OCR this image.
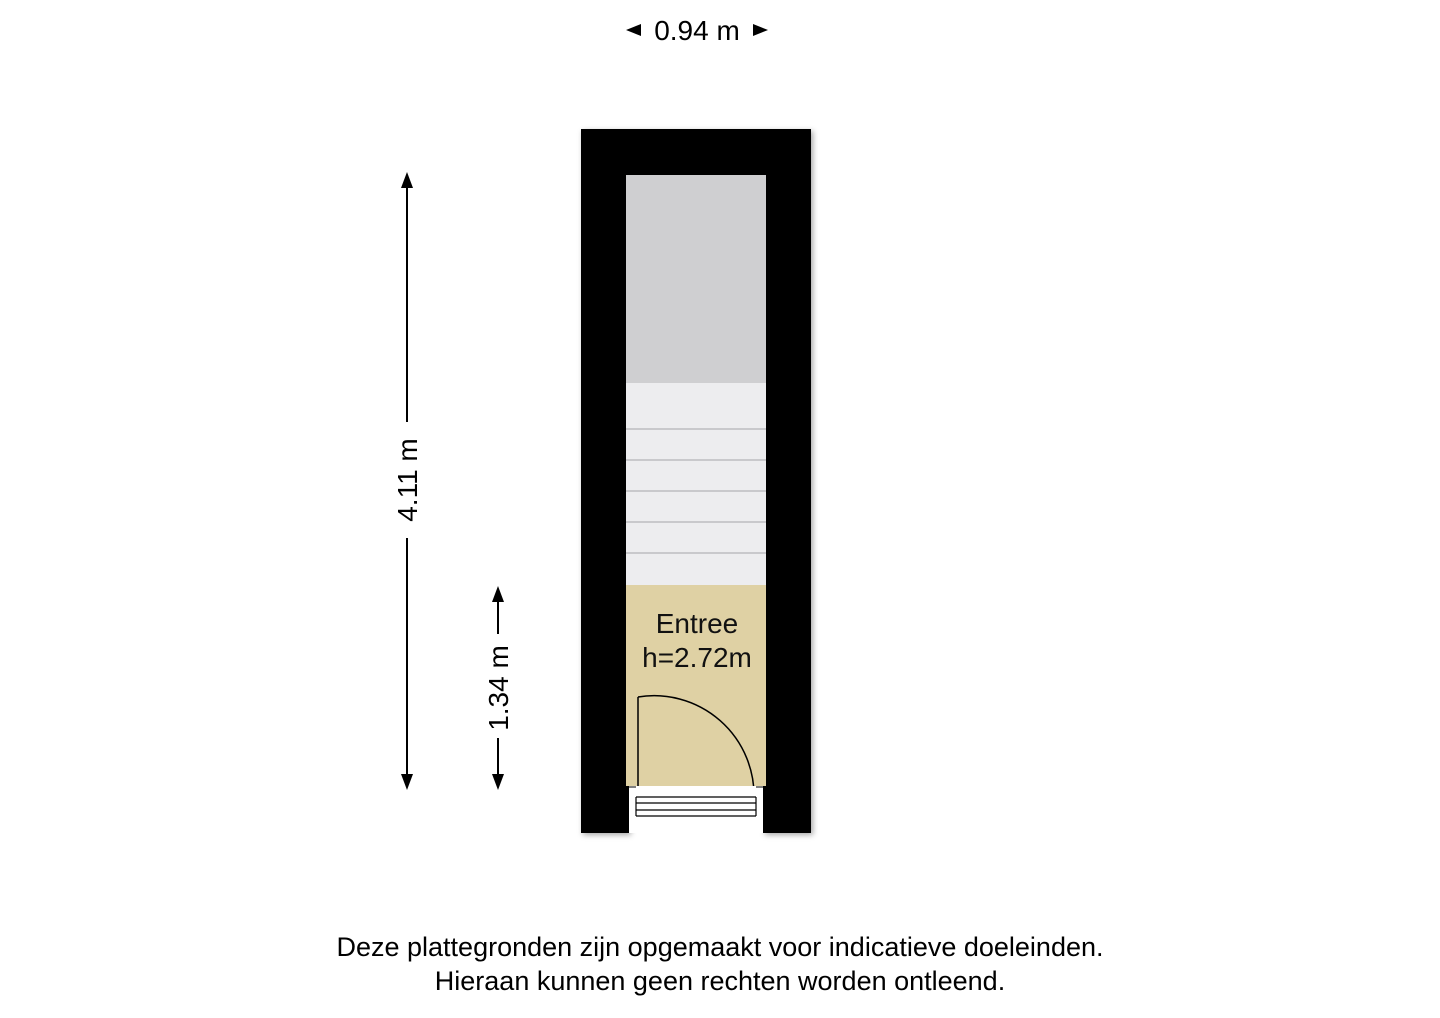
0.94 m
4.11 m
1.34 m
Entree
h=2.72m
Deze plattegronden zijn opgemaakt voor indicatieve doeleinden.
Hieraan kunnen geen rechten worden ontleend.
